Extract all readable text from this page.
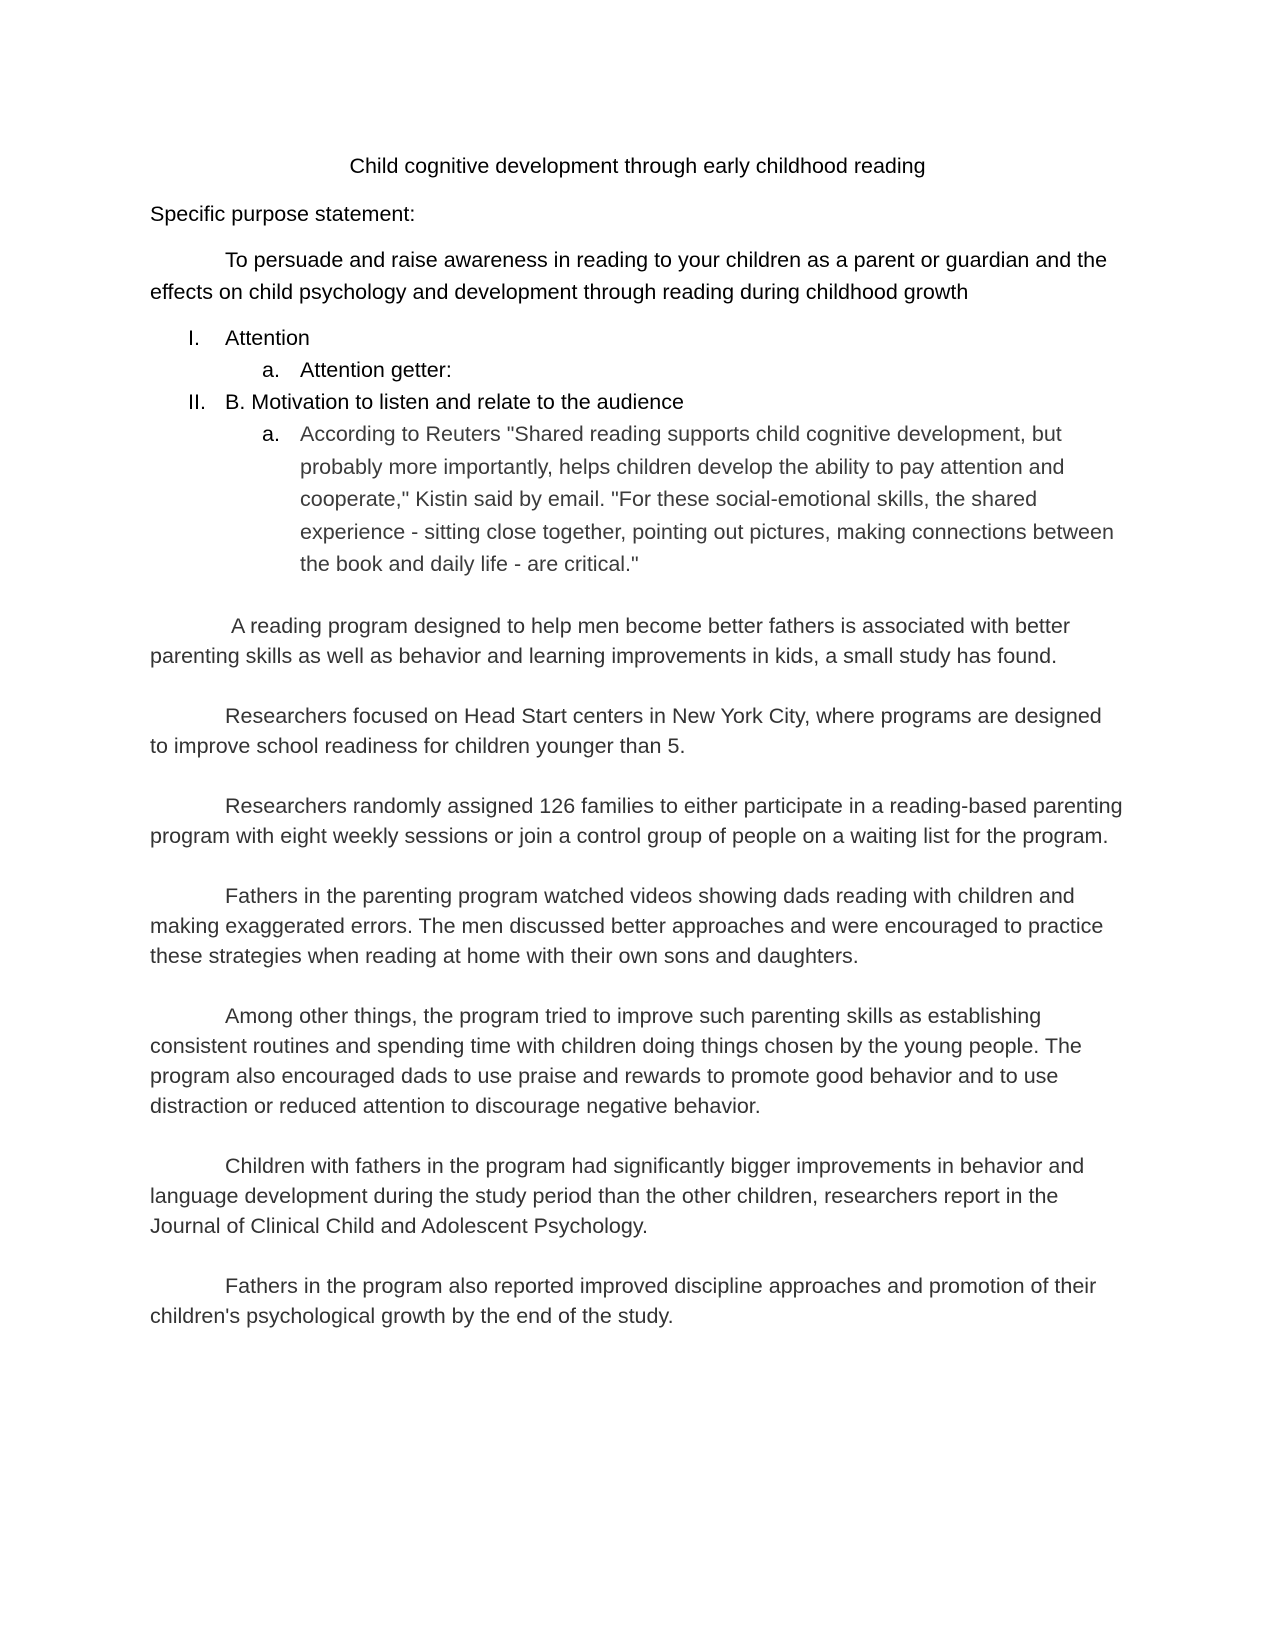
Child cognitive development through early childhood reading

Specific purpose statement:

To persuade and raise awareness in reading to your children as a parent or guardian and the effects on child psychology and development through reading during childhood growth

I. Attention
a. Attention getter:
II. B. Motivation to listen and relate to the audience
a. According to Reuters "Shared reading supports child cognitive development, but probably more importantly, helps children develop the ability to pay attention and cooperate," Kistin said by email. "For these social-emotional skills, the shared experience - sitting close together, pointing out pictures, making connections between the book and daily life - are critical."

A reading program designed to help men become better fathers is associated with better parenting skills as well as behavior and learning improvements in kids, a small study has found.

Researchers focused on Head Start centers in New York City, where programs are designed to improve school readiness for children younger than 5.

Researchers randomly assigned 126 families to either participate in a reading-based parenting program with eight weekly sessions or join a control group of people on a waiting list for the program.

Fathers in the parenting program watched videos showing dads reading with children and making exaggerated errors. The men discussed better approaches and were encouraged to practice these strategies when reading at home with their own sons and daughters.

Among other things, the program tried to improve such parenting skills as establishing consistent routines and spending time with children doing things chosen by the young people. The program also encouraged dads to use praise and rewards to promote good behavior and to use distraction or reduced attention to discourage negative behavior.

Children with fathers in the program had significantly bigger improvements in behavior and language development during the study period than the other children, researchers report in the Journal of Clinical Child and Adolescent Psychology.

Fathers in the program also reported improved discipline approaches and promotion of their children's psychological growth by the end of the study.
